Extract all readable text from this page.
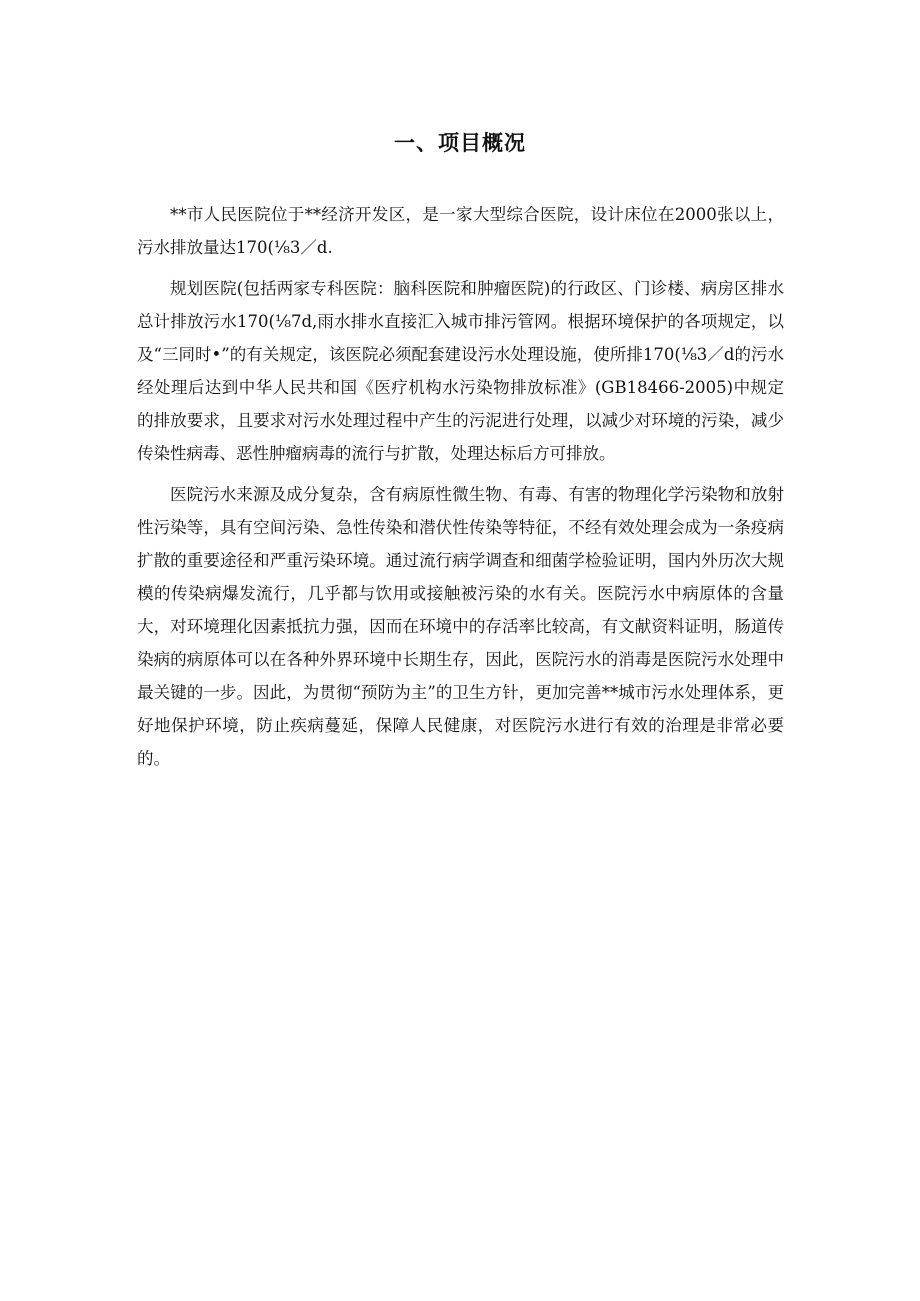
一、项目概况

**市人民医院位于**经济开发区，是一家大型综合医院，设计床位在2000张以上，污水排放量达170(⅛3／d.

规划医院(包括两家专科医院：脑科医院和肿瘤医院)的行政区、门诊楼、病房区排水总计排放污水170(⅛7d,雨水排水直接汇入城市排污管网。根据环境保护的各项规定，以及“三同时•”的有关规定，该医院必须配套建设污水处理设施，使所排170(⅛3／d的污水经处理后达到中华人民共和国《医疗机构水污染物排放标准》(GB18466-2005)中规定的排放要求，且要求对污水处理过程中产生的污泥进行处理，以减少对环境的污染，减少传染性病毒、恶性肿瘤病毒的流行与扩散，处理达标后方可排放。

医院污水来源及成分复杂，含有病原性微生物、有毒、有害的物理化学污染物和放射性污染等，具有空间污染、急性传染和潜伏性传染等特征，不经有效处理会成为一条疫病扩散的重要途径和严重污染环境。通过流行病学调查和细菌学检验证明，国内外历次大规模的传染病爆发流行，几乎都与饮用或接触被污染的水有关。医院污水中病原体的含量大，对环境理化因素抵抗力强，因而在环境中的存活率比较高，有文献资料证明，肠道传染病的病原体可以在各种外界环境中长期生存，因此，医院污水的消毒是医院污水处理中最关键的一步。因此，为贯彻“预防为主”的卫生方针，更加完善**城市污水处理体系，更好地保护环境，防止疾病蔓延，保障人民健康，对医院污水进行有效的治理是非常必要的。
